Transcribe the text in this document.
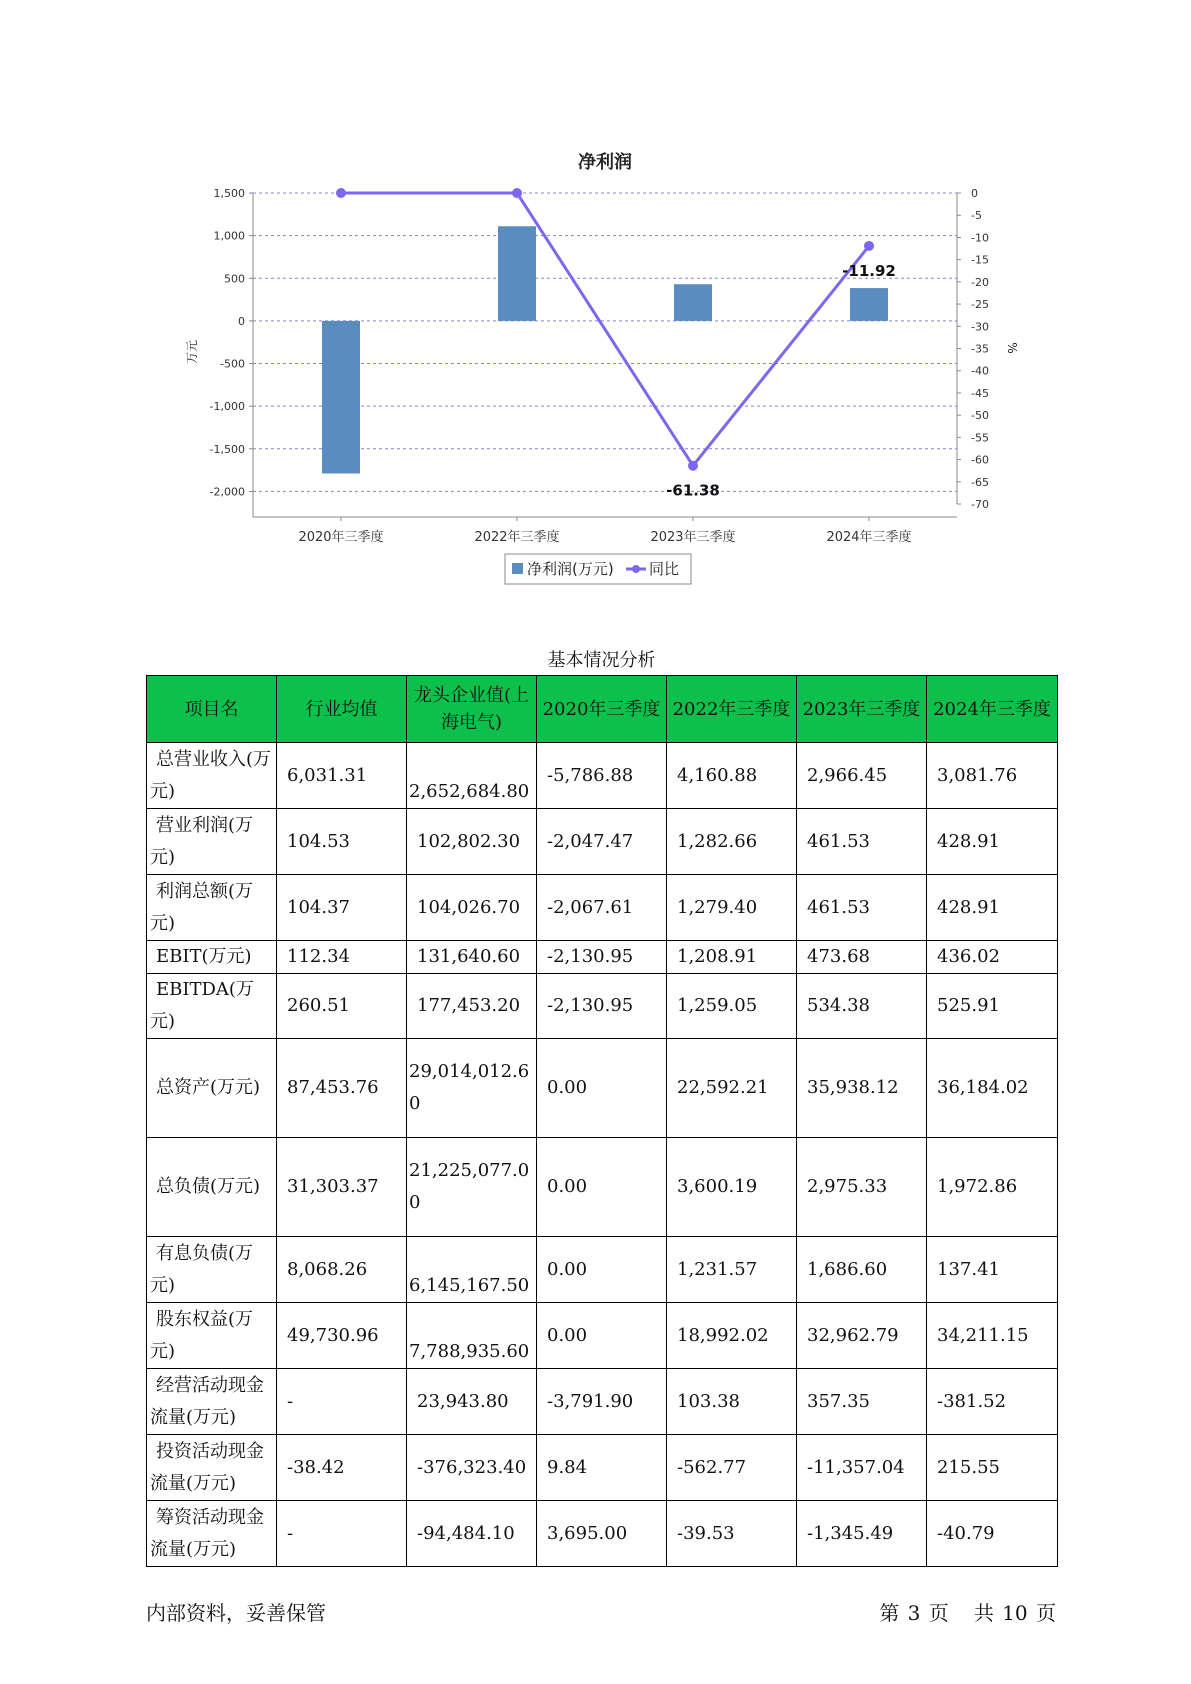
净利润
1,500
1,000
500
0
-500
-1,000
-1,500
-2,000
0
-5
-10
-15
-20
-25
-30
-35
-40
-45
-50
-55
-60
-65
-70
万元	%
2020年三季度	2022年三季度	2023年三季度	2024年三季度
-61.38
-11.92
净利润(万元) 同比
基本情况分析
项目名	行业均值	龙头企业值(上海电气)	2020年三季度	2022年三季度	2023年三季度	2024年三季度
总营业收入(万元)	6,031.31	2,652,684.80	-5,786.88	4,160.88	2,966.45	3,081.76
营业利润(万元)	104.53	102,802.30	-2,047.47	1,282.66	461.53	428.91
利润总额(万元)	104.37	104,026.70	-2,067.61	1,279.40	461.53	428.91
EBIT(万元)	112.34	131,640.60	-2,130.95	1,208.91	473.68	436.02
EBITDA(万元)	260.51	177,453.20	-2,130.95	1,259.05	534.38	525.91
总资产(万元)	87,453.76	29,014,012.60	0.00	22,592.21	35,938.12	36,184.02
总负债(万元)	31,303.37	21,225,077.00	0.00	3,600.19	2,975.33	1,972.86
有息负债(万元)	8,068.26	6,145,167.50	0.00	1,231.57	1,686.60	137.41
股东权益(万元)	49,730.96	7,788,935.60	0.00	18,992.02	32,962.79	34,211.15
经营活动现金流量(万元)	-	23,943.80	-3,791.90	103.38	357.35	-381.52
投资活动现金流量(万元)	-38.42	-376,323.40	9.84	-562.77	-11,357.04	215.55
筹资活动现金流量(万元)	-	-94,484.10	3,695.00	-39.53	-1,345.49	-40.79
内部资料，妥善保管	第 3 页   共 10 页
